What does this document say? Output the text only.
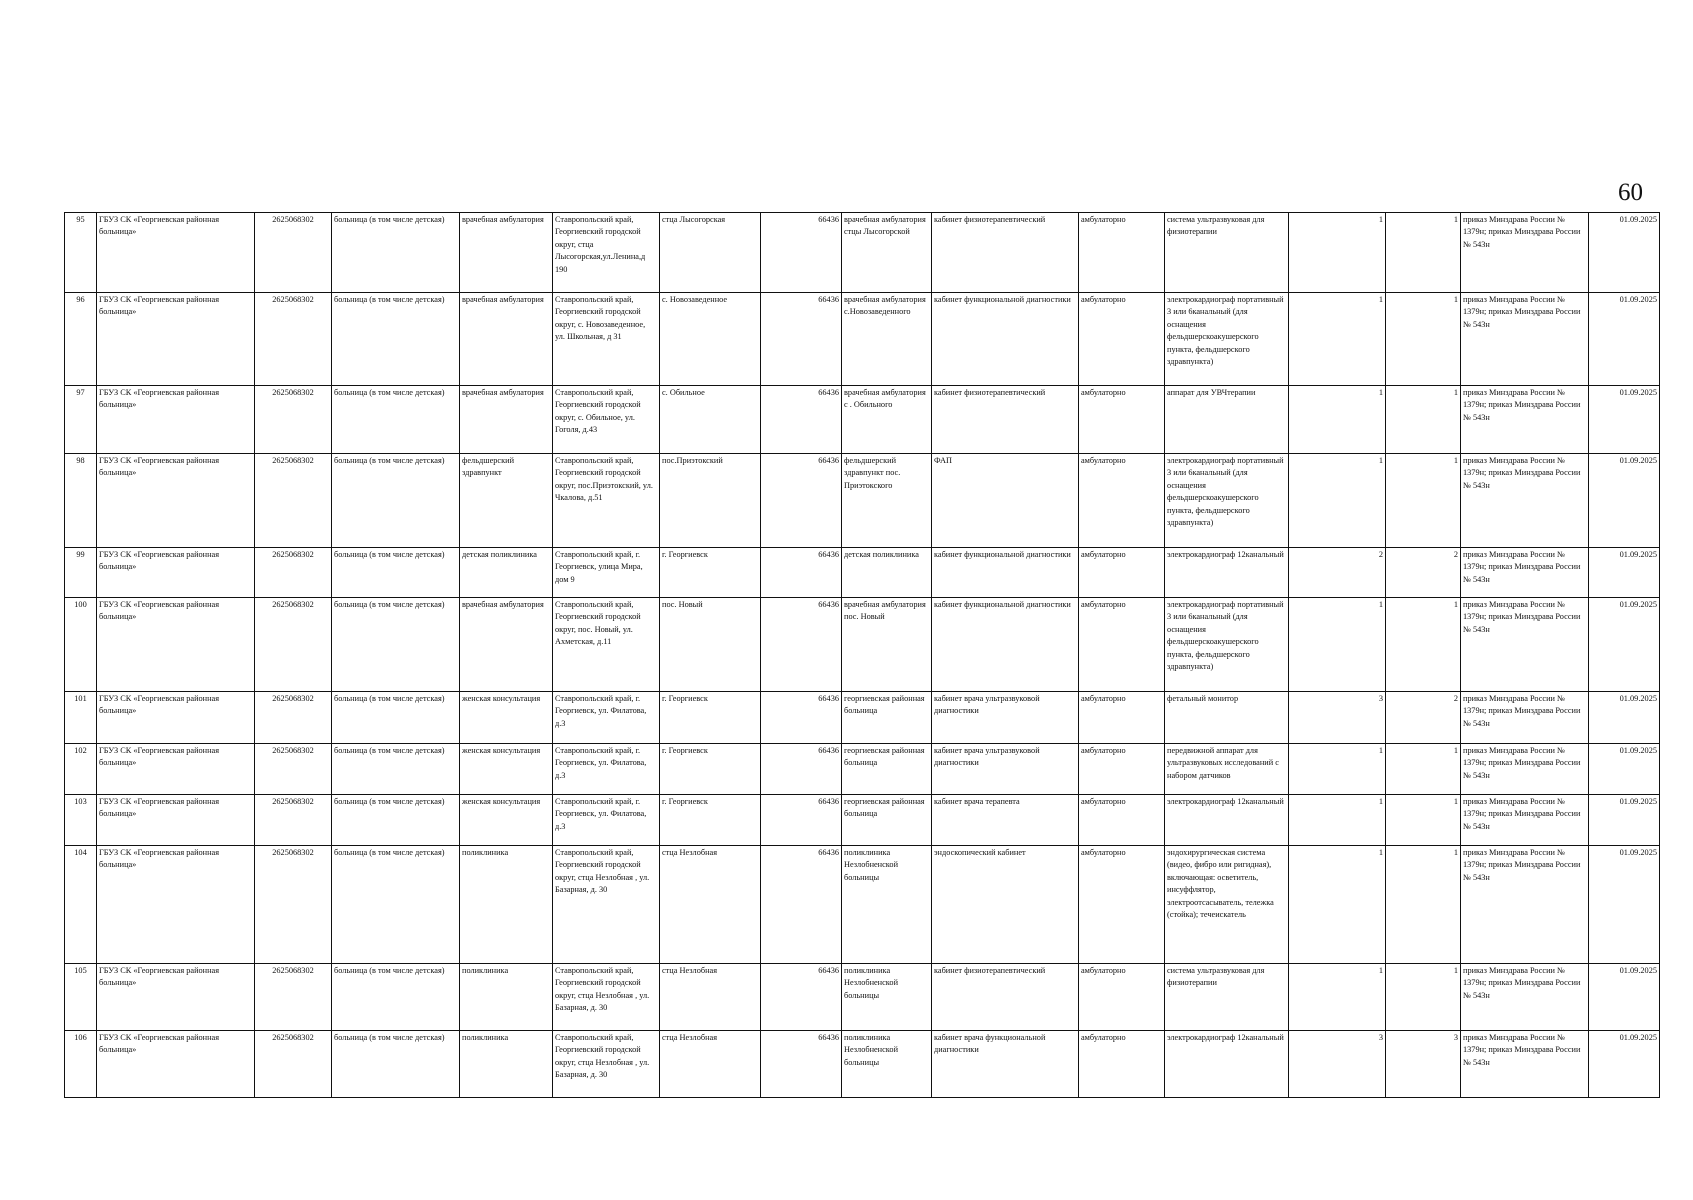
60
95	ГБУЗ СК «Георгиевская районная больница»	2625068302	больница (в том числе детская)	врачебная амбулатория	Ставропольский край, Георгиевский городской округ, стца Лысогорская,ул.Ленина,д 190	стца Лысогорская	66436	врачебная амбулатория стцы Лысогорской	кабинет физиотерапевтический	амбулаторно	система ультразвуковая для физиотерапии	1	1	приказ Минздрава России № 1379н; приказ Минздрава России № 543н	01.09.2025
96	ГБУЗ СК «Георгиевская районная больница»	2625068302	больница (в том числе детская)	врачебная амбулатория	Ставропольский край, Георгиевский городской округ, с. Новозаведенное, ул. Школьная, д 31	с. Новозаведенное	66436	врачебная амбулатория с.Новозаведенного	кабинет функциональной диагностики	амбулаторно	электрокардиограф портативный 3 или 6канальный (для оснащения фельдшерскоакушерского пункта, фельдшерского здравпункта)	1	1	приказ Минздрава России № 1379н; приказ Минздрава России № 543н	01.09.2025
97	ГБУЗ СК «Георгиевская районная больница»	2625068302	больница (в том числе детская)	врачебная амбулатория	Ставропольский край, Георгиевский городской округ, с. Обильное, ул. Гоголя, д.43	с. Обильное	66436	врачебная амбулатория с . Обильного	кабинет физиотерапевтический	амбулаторно	аппарат для УВЧтерапии	1	1	приказ Минздрава России № 1379н; приказ Минздрава России № 543н	01.09.2025
98	ГБУЗ СК «Георгиевская районная больница»	2625068302	больница (в том числе детская)	фельдшерский здравпункт	Ставропольский край, Георгиевский городской округ, пос.Приэтокский, ул. Чкалова, д.51	пос.Приэтокский	66436	фельдшерский здравпункт пос. Приэтокского	ФАП	амбулаторно	электрокардиограф портативный 3 или 6канальный (для оснащения фельдшерскоакушерского пункта, фельдшерского здравпункта)	1	1	приказ Минздрава России № 1379н; приказ Минздрава России № 543н	01.09.2025
99	ГБУЗ СК «Георгиевская районная больница»	2625068302	больница (в том числе детская)	детская поликлиника	Ставропольский край, г. Георгиевск, улица Мира, дом 9	г. Георгиевск	66436	детская поликлиника	кабинет функциональной диагностики	амбулаторно	электрокардиограф 12канальный	2	2	приказ Минздрава России № 1379н; приказ Минздрава России № 543н	01.09.2025
100	ГБУЗ СК «Георгиевская районная больница»	2625068302	больница (в том числе детская)	врачебная амбулатория	Ставропольский край, Георгиевский городской округ, пос. Новый, ул. Ахметская, д.11	пос. Новый	66436	врачебная амбулатория пос. Новый	кабинет функциональной диагностики	амбулаторно	электрокардиограф портативный 3 или 6канальный (для оснащения фельдшерскоакушерского пункта, фельдшерского здравпункта)	1	1	приказ Минздрава России № 1379н; приказ Минздрава России № 543н	01.09.2025
101	ГБУЗ СК «Георгиевская районная больница»	2625068302	больница (в том числе детская)	женская консультация	Ставропольский край, г. Георгиевск, ул. Филатова, д.3	г. Георгиевск	66436	георгиевская районная больница	кабинет врача ультразвуковой диагностики	амбулаторно	фетальный монитор	3	2	приказ Минздрава России № 1379н; приказ Минздрава России № 543н	01.09.2025
102	ГБУЗ СК «Георгиевская районная больница»	2625068302	больница (в том числе детская)	женская консультация	Ставропольский край, г. Георгиевск, ул. Филатова, д.3	г. Георгиевск	66436	георгиевская районная больница	кабинет врача ультразвуковой диагностики	амбулаторно	передвижной аппарат для ультразвуковых исследований с набором датчиков	1	1	приказ Минздрава России № 1379н; приказ Минздрава России № 543н	01.09.2025
103	ГБУЗ СК «Георгиевская районная больница»	2625068302	больница (в том числе детская)	женская консультация	Ставропольский край, г. Георгиевск, ул. Филатова, д.3	г. Георгиевск	66436	георгиевская районная больница	кабинет врача терапевта	амбулаторно	электрокардиограф 12канальный	1	1	приказ Минздрава России № 1379н; приказ Минздрава России № 543н	01.09.2025
104	ГБУЗ СК «Георгиевская районная больница»	2625068302	больница (в том числе детская)	поликлиника	Ставропольский край, Георгиевский городской округ, стца Незлобная , ул. Базарная, д. 30	стца Незлобная	66436	поликлиника Незлобненской больницы	эндоскопический кабинет	амбулаторно	эндохирургическая система (видео, фибро или ригидная), включающая: осветитель, инсуффлятор, электроотсасыватель, тележка (стойка); течеискатель	1	1	приказ Минздрава России № 1379н; приказ Минздрава России № 543н	01.09.2025
105	ГБУЗ СК «Георгиевская районная больница»	2625068302	больница (в том числе детская)	поликлиника	Ставропольский край, Георгиевский городской округ, стца Незлобная , ул. Базарная, д. 30	стца Незлобная	66436	поликлиника Незлобненской больницы	кабинет физиотерапевтический	амбулаторно	система ультразвуковая для физиотерапии	1	1	приказ Минздрава России № 1379н; приказ Минздрава России № 543н	01.09.2025
106	ГБУЗ СК «Георгиевская районная больница»	2625068302	больница (в том числе детская)	поликлиника	Ставропольский край, Георгиевский городской округ, стца Незлобная , ул. Базарная, д. 30	стца Незлобная	66436	поликлиника Незлобненской больницы	кабинет врача функциональной диагностики	амбулаторно	электрокардиограф 12канальный	3	3	приказ Минздрава России № 1379н; приказ Минздрава России № 543н	01.09.2025
